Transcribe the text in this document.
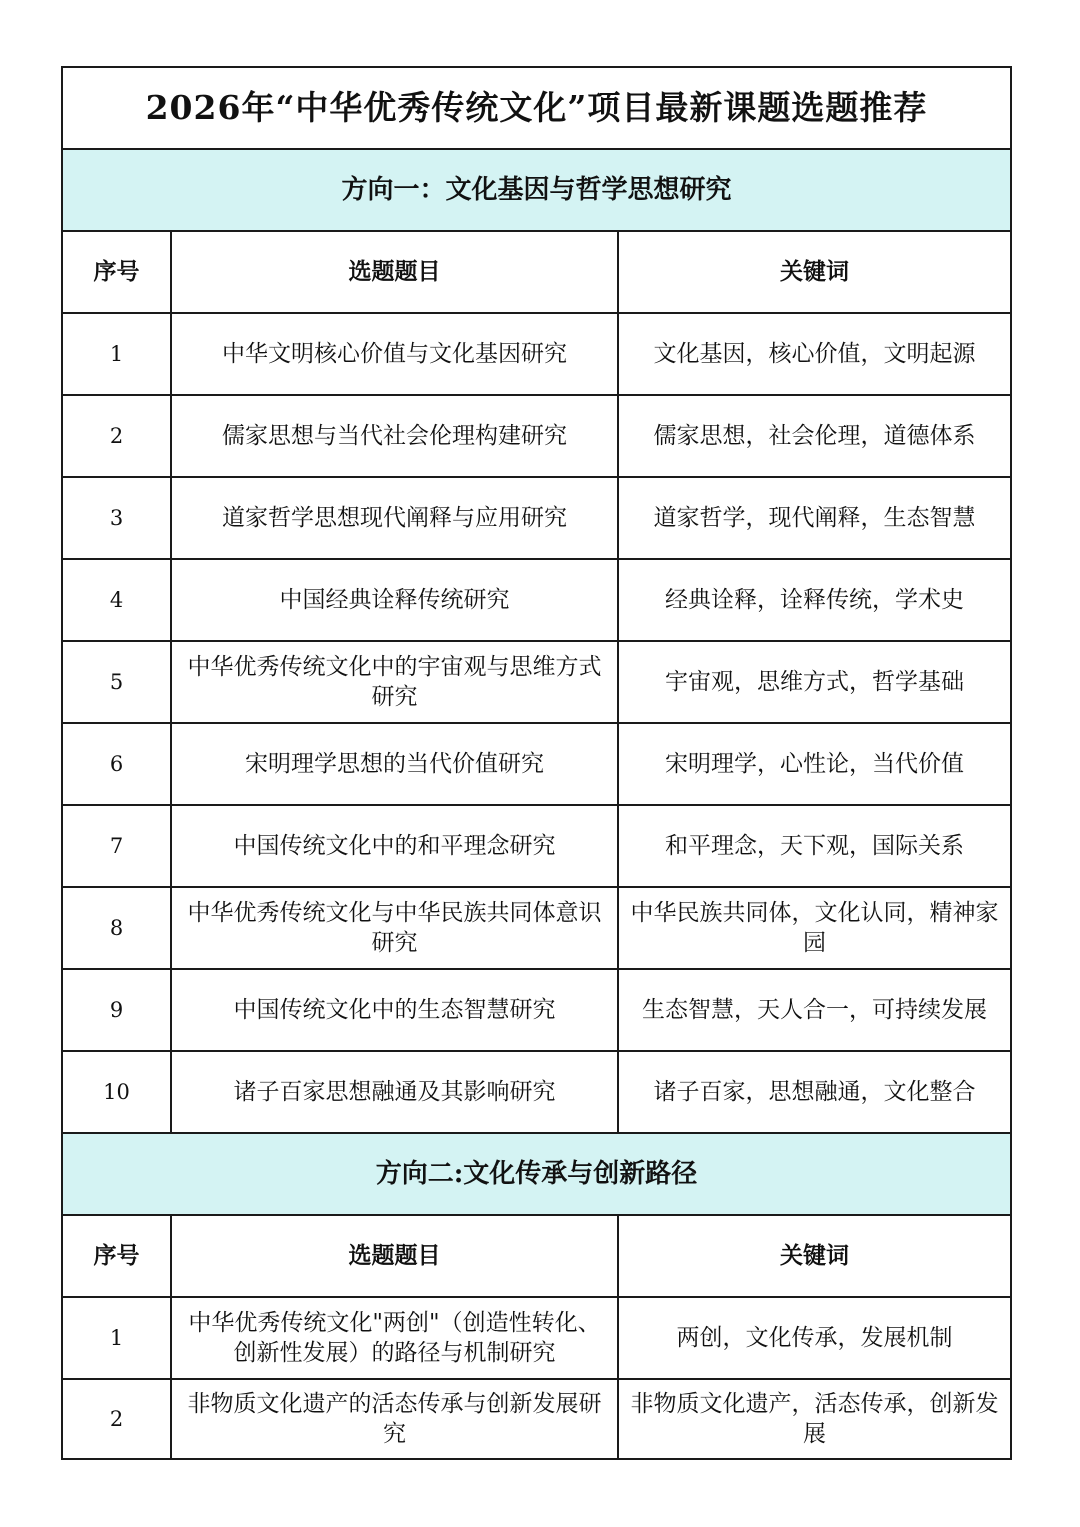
2026年“中华优秀传统文化”项目最新课题选题推荐		
方向一：文化基因与哲学思想研究		
序号	选题题目	关键词
1	中华文明核心价值与文化基因研究	文化基因，核心价值，文明起源
2	儒家思想与当代社会伦理构建研究	儒家思想，社会伦理，道德体系
3	道家哲学思想现代阐释与应用研究	道家哲学，现代阐释，生态智慧
4	中国经典诠释传统研究	经典诠释，诠释传统，学术史
5	中华优秀传统文化中的宇宙观与思维方式研究	宇宙观，思维方式，哲学基础
6	宋明理学思想的当代价值研究	宋明理学，心性论，当代价值
7	中国传统文化中的和平理念研究	和平理念，天下观，国际关系
8	中华优秀传统文化与中华民族共同体意识研究	中华民族共同体，文化认同，精神家园
9	中国传统文化中的生态智慧研究	生态智慧，天人合一，可持续发展
10	诸子百家思想融通及其影响研究	诸子百家，思想融通，文化整合
方向二:文化传承与创新路径		
序号	选题题目	关键词
1	中华优秀传统文化"两创"（创造性转化、创新性发展）的路径与机制研究	两创，文化传承，发展机制
2	非物质文化遗产的活态传承与创新发展研究	非物质文化遗产，活态传承，创新发展
